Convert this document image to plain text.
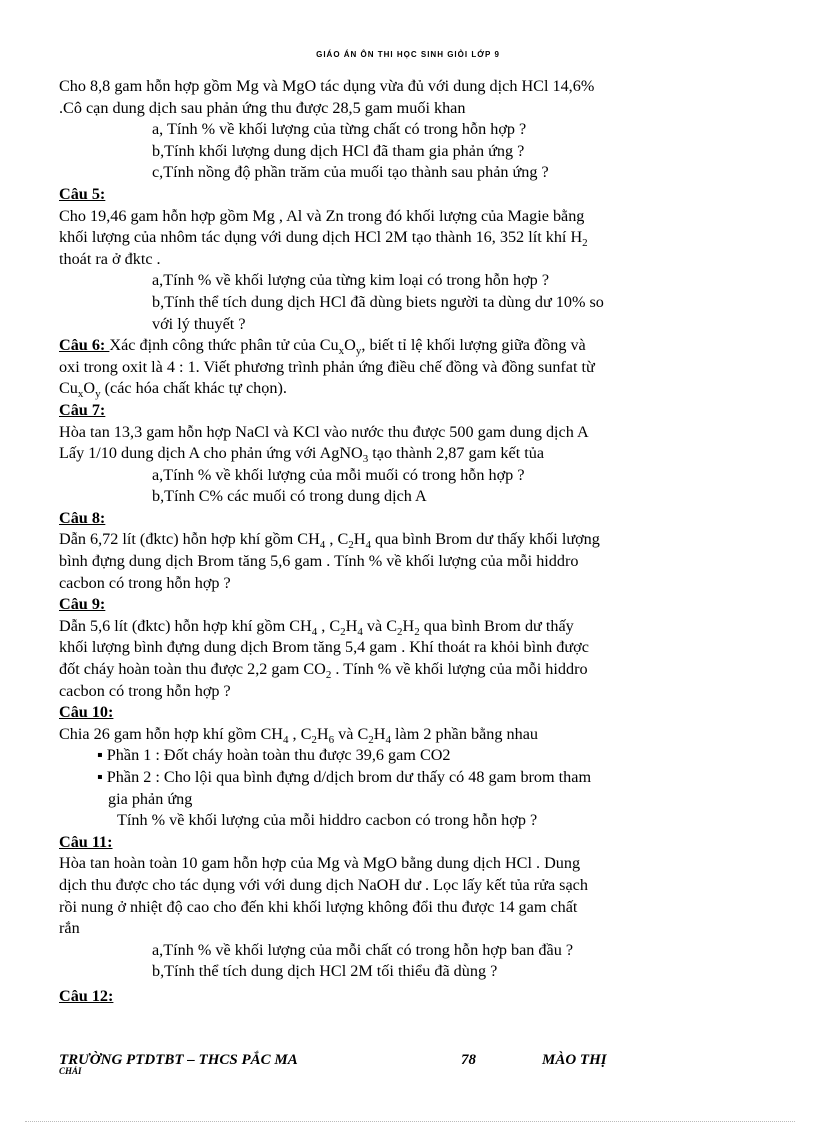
GIÁO ÁN ÔN THI HỌC SINH GIỎI LỚP 9

Cho 8,8 gam hỗn hợp gồm Mg và MgO tác dụng vừa đủ với dung dịch HCl 14,6%

.Cô cạn dung dịch sau phản ứng thu được 28,5 gam muối khan

a, Tính % về khối lượng của từng chất có trong hỗn hợp ?

b,Tính khối lượng dung dịch HCl đã tham gia phản ứng ?

c,Tính nồng độ phần trăm của muối tạo thành sau phản ứng ?

Câu 5:

Cho 19,46 gam hỗn hợp gồm Mg , Al và Zn trong đó khối lượng của Magie bằng

khối lượng của nhôm tác dụng với dung dịch HCl 2M tạo thành 16, 352 lít khí $H_2$

thoát ra ở đktc .

a,Tính % về khối lượng của từng kim loại có trong hỗn hợp ?

b,Tính thể tích dung dịch HCl đã dùng biets người ta dùng dư 10% so

với lý thuyết ?

Câu 6: Xác định công thức phân tử của $Cu_xO_y$, biết tỉ lệ khối lượng giữa đồng và

oxi trong oxit là 4 : 1. Viết phương trình phản ứng điều chế đồng và đồng sunfat từ

$Cu_xO_y$ (các hóa chất khác tự chọn).

Câu 7:

Hòa tan 13,3 gam hỗn hợp NaCl và KCl vào nước thu được 500 gam dung dịch A

Lấy 1/10 dung dịch A cho phản ứng với AgNO$_3$ tạo thành 2,87 gam kết tủa

a,Tính % về khối lượng của mỗi muối có trong hỗn hợp ?

b,Tính C% các muối có trong dung dịch A

Câu 8:

Dẫn 6,72 lít (đktc) hỗn hợp khí gồm $CH_4$ , $C_2H_4$ qua bình Brom dư thấy khối lượng

bình đựng dung dịch Brom tăng 5,6 gam . Tính % về khối lượng của mỗi hiddro

cacbon có trong hỗn hợp ?

Câu 9:

Dẫn 5,6 lít (đktc) hỗn hợp khí gồm $CH_4$ , $C_2H_4$ và $C_2H_2$ qua bình Brom dư thấy

khối lượng bình đựng dung dịch Brom tăng 5,4 gam . Khí thoát ra khỏi bình được

đốt cháy hoàn toàn thu được 2,2 gam $CO_2$ . Tính % về khối lượng của mỗi hiddro

cacbon có trong hỗn hợp ?

Câu 10:

Chia 26 gam hỗn hợp khí gồm $CH_4$ , $C_2H_6$ và $C_2H_4$ làm 2 phần bằng nhau

▪ Phần 1 : Đốt cháy hoàn toàn thu được 39,6 gam CO2

▪ Phần 2 : Cho lội qua bình đựng d/dịch brom dư thấy có 48 gam brom tham

gia phản ứng

Tính % về khối lượng của mỗi hiddro cacbon có trong hỗn hợp ?

Câu 11:

Hòa tan hoàn toàn 10 gam hỗn hợp của Mg và MgO bằng dung dịch HCl . Dung

dịch thu được cho tác dụng với với dung dịch NaOH dư . Lọc lấy kết tủa rửa sạch

rồi nung ở nhiệt độ cao cho đến khi khối lượng không đổi thu được 14 gam chất

rắn

a,Tính % về khối lượng của mỗi chất có trong hỗn hợp ban đầu ?

b,Tính thể tích dung dịch HCl 2M tối thiểu đã dùng ?

Câu 12:

TRƯỜNG PTDTBT – THCS PẮC MA
CHẢI
78	MÀO THỊ
